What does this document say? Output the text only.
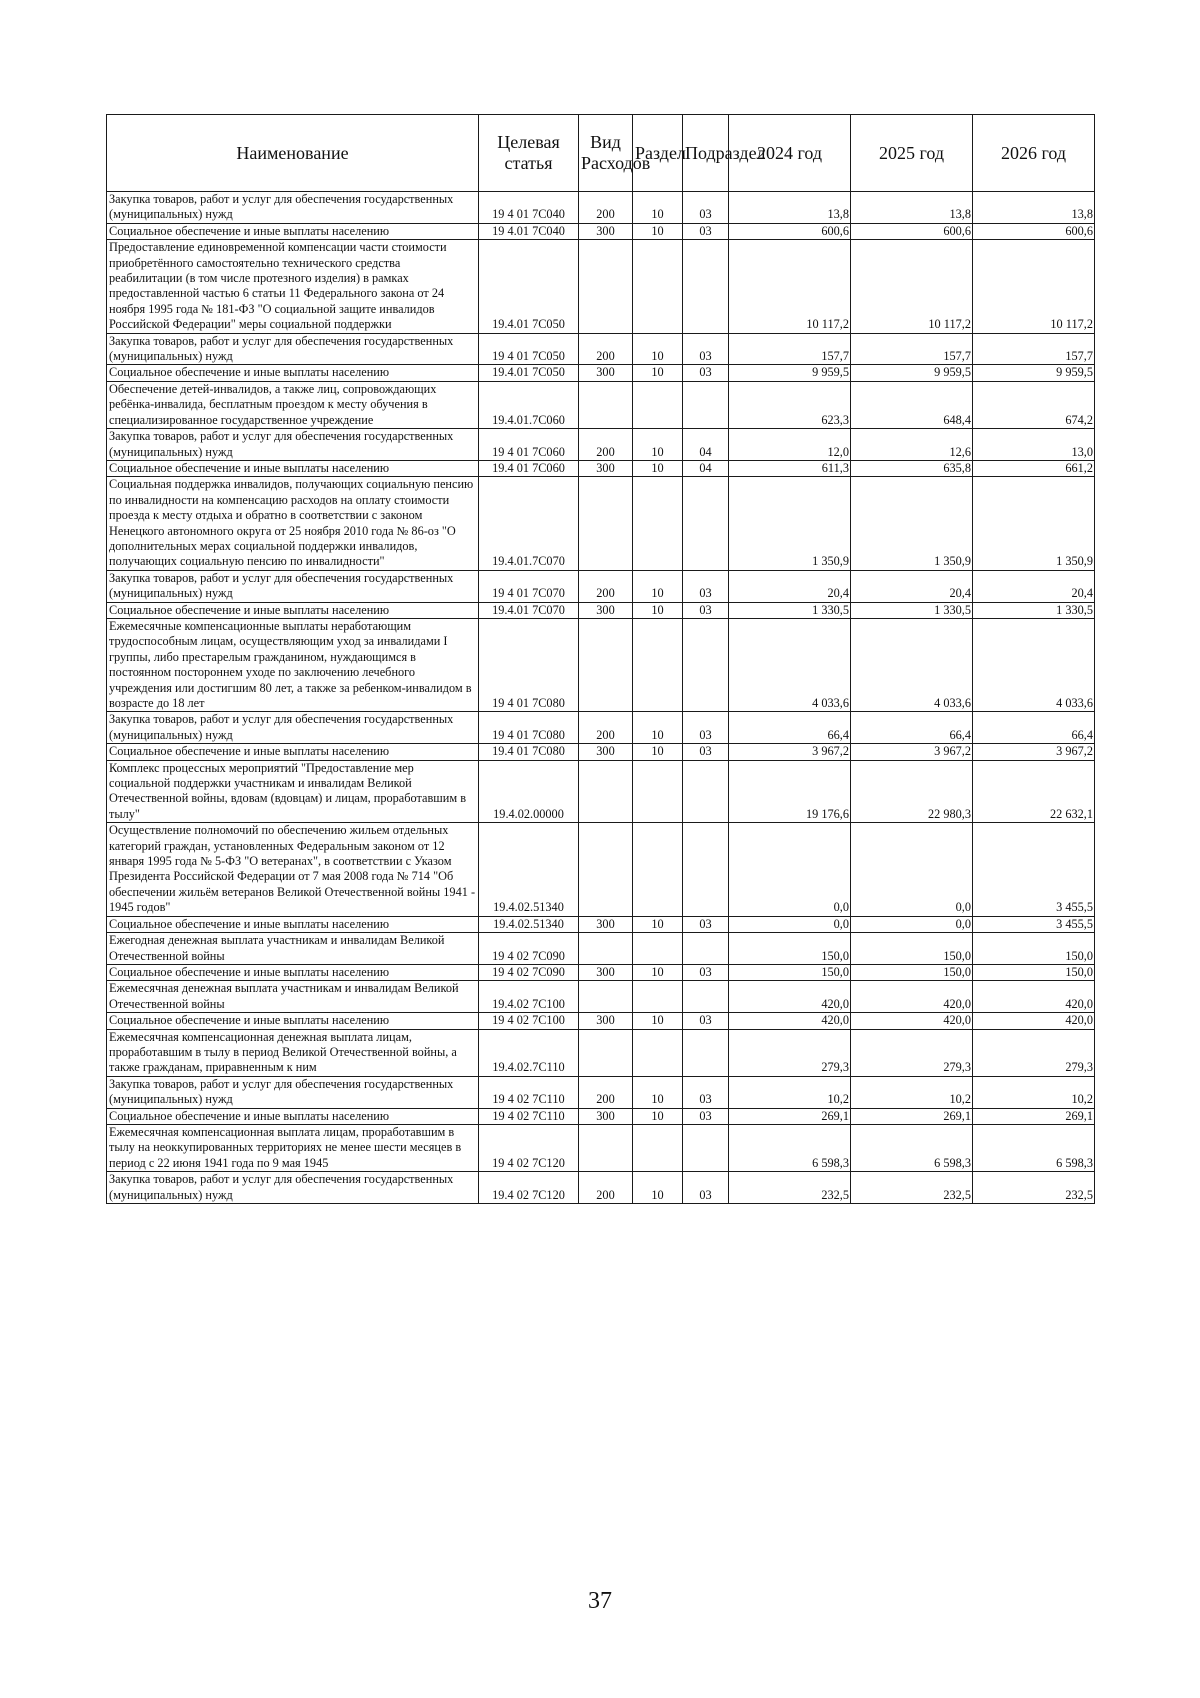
Наименование	Целевая статья	Вид Расходов	Раздел	Подраздел	2024 год	2025 год	2026 год
Закупка товаров, работ и услуг для обеспечения государственных (муниципальных) нужд	19 4 01 7С040	200	10	03	13,8	13,8	13,8
Социальное обеспечение и иные выплаты населению	19 4.01 7С040	300	10	03	600,6	600,6	600,6
Предоставление единовременной компенсации части стоимости приобретённого самостоятельно технического средства реабилитации (в том числе протезного изделия) в рамках предоставленной частью 6 статьи 11 Федерального закона от 24 ноября 1995 года № 181-ФЗ "О социальной защите инвалидов Российской Федерации" меры социальной поддержки	19.4.01 7С050				10 117,2	10 117,2	10 117,2
Закупка товаров, работ и услуг для обеспечения государственных (муниципальных) нужд	19 4 01 7С050	200	10	03	157,7	157,7	157,7
Социальное обеспечение и иные выплаты населению	19.4.01 7С050	300	10	03	9 959,5	9 959,5	9 959,5
Обеспечение детей-инвалидов, а также лиц, сопровождающих ребёнка-инвалида, бесплатным проездом к месту обучения в специализированное государственное учреждение	19.4.01.7С060				623,3	648,4	674,2
Закупка товаров, работ и услуг для обеспечения государственных (муниципальных) нужд	19 4 01 7С060	200	10	04	12,0	12,6	13,0
Социальное обеспечение и иные выплаты населению	19.4 01 7С060	300	10	04	611,3	635,8	661,2
Социальная поддержка инвалидов, получающих социальную пенсию по инвалидности на компенсацию расходов на оплату стоимости проезда к месту отдыха и обратно в соответствии с законом Ненецкого автономного округа от 25 ноября 2010 года № 86-оз "О дополнительных мерах социальной поддержки инвалидов, получающих социальную пенсию по инвалидности"	19.4.01.7С070				1 350,9	1 350,9	1 350,9
Закупка товаров, работ и услуг для обеспечения государственных (муниципальных) нужд	19 4 01 7С070	200	10	03	20,4	20,4	20,4
Социальное обеспечение и иные выплаты населению	19.4.01 7С070	300	10	03	1 330,5	1 330,5	1 330,5
Ежемесячные компенсационные выплаты неработающим трудоспособным лицам, осуществляющим уход за инвалидами I группы, либо престарелым гражданином, нуждающимся в постоянном постороннем уходе по заключению лечебного учреждения или достигшим 80 лет, а также за ребенком-инвалидом в возрасте до 18 лет	19 4 01 7С080				4 033,6	4 033,6	4 033,6
Закупка товаров, работ и услуг для обеспечения государственных (муниципальных) нужд	19 4 01 7С080	200	10	03	66,4	66,4	66,4
Социальное обеспечение и иные выплаты населению	19.4 01 7С080	300	10	03	3 967,2	3 967,2	3 967,2
Комплекс процессных мероприятий "Предоставление мер социальной поддержки участникам и инвалидам Великой Отечественной войны, вдовам (вдовцам) и лицам, проработавшим в тылу"	19.4.02.00000				19 176,6	22 980,3	22 632,1
Осуществление полномочий по обеспечению жильем отдельных категорий граждан, установленных Федеральным законом от 12 января 1995 года № 5-ФЗ "О ветеранах", в соответствии с Указом Президента Российской Федерации от 7 мая 2008 года № 714 "Об обеспечении жильём ветеранов Великой Отечественной войны 1941 - 1945 годов"	19.4.02.51340				0,0	0,0	3 455,5
Социальное обеспечение и иные выплаты населению	19.4.02.51340	300	10	03	0,0	0,0	3 455,5
Ежегодная денежная выплата участникам и инвалидам Великой Отечественной войны	19 4 02 7С090				150,0	150,0	150,0
Социальное обеспечение и иные выплаты населению	19 4 02 7С090	300	10	03	150,0	150,0	150,0
Ежемесячная денежная выплата участникам и инвалидам Великой Отечественной войны	19.4.02 7С100				420,0	420,0	420,0
Социальное обеспечение и иные выплаты населению	19 4 02 7С100	300	10	03	420,0	420,0	420,0
Ежемесячная компенсационная денежная выплата лицам, проработавшим в тылу в период Великой Отечественной войны, а также гражданам, приравненным к ним	19.4.02.7С110				279,3	279,3	279,3
Закупка товаров, работ и услуг для обеспечения государственных (муниципальных) нужд	19 4 02 7С110	200	10	03	10,2	10,2	10,2
Социальное обеспечение и иные выплаты населению	19 4 02 7С110	300	10	03	269,1	269,1	269,1
Ежемесячная компенсационная выплата лицам, проработавшим в тылу на неоккупированных территориях не менее шести месяцев в период с 22 июня 1941 года по 9 мая 1945	19 4 02 7С120				6 598,3	6 598,3	6 598,3
Закупка товаров, работ и услуг для обеспечения государственных (муниципальных) нужд	19.4 02 7С120	200	10	03	232,5	232,5	232,5
37
